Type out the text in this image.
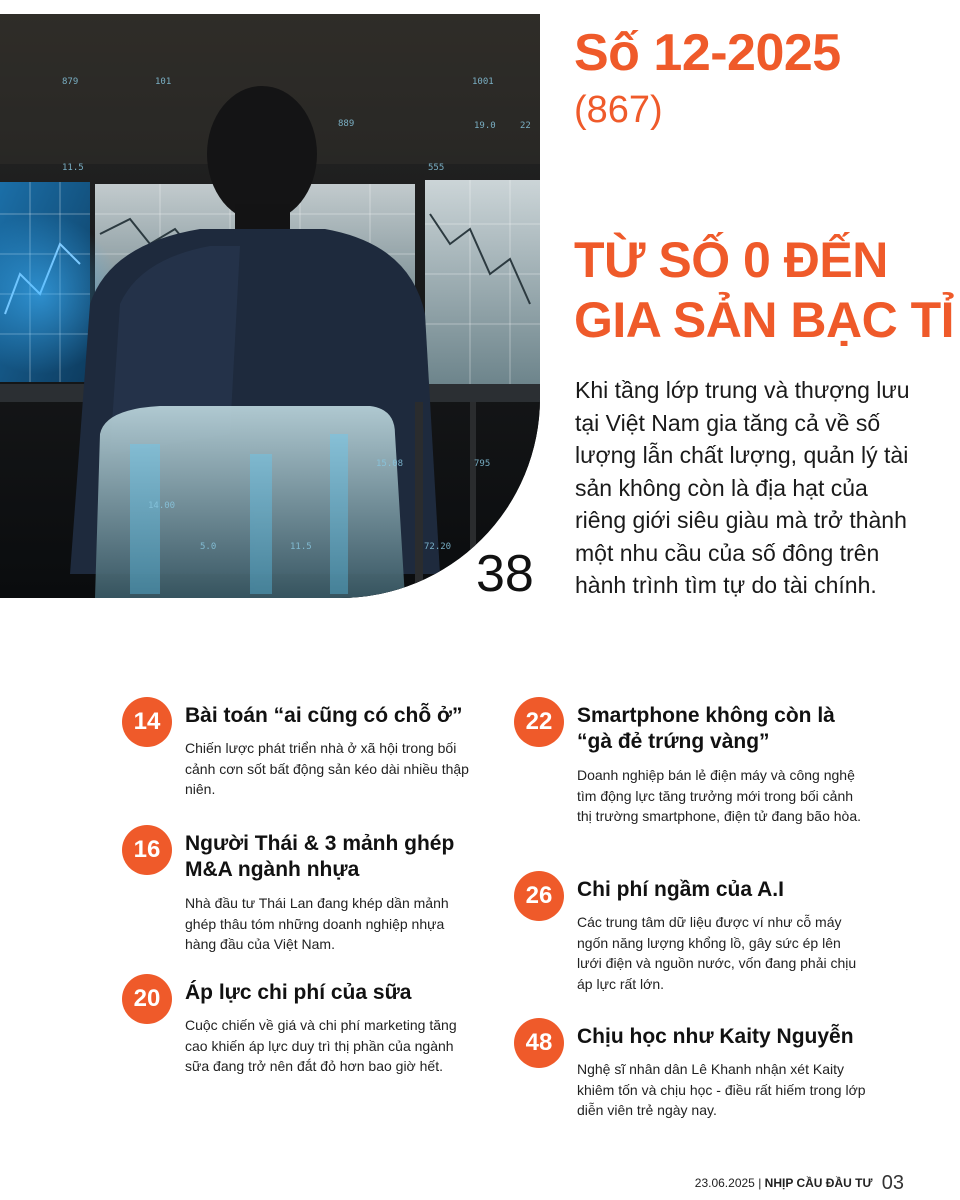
879	101	1001
889	19.0	22
11.5	555
14.00
5.0	11.5
15.08	795
72.20 38
Số 12-2025
(867)
TỪ SỐ 0 ĐẾN
GIA SẢN BẠC TỈ
Khi tầng lớp trung và thượng lưu tại Việt Nam gia tăng cả về số lượng lẫn chất lượng, quản lý tài sản không còn là địa hạt của riêng giới siêu giàu mà trở thành một nhu cầu của số đông trên hành trình tìm tự do tài chính.
14	Bài toán “ai cũng có chỗ ở”
Chiến lược phát triển nhà ở xã hội trong bối cảnh cơn sốt bất động sản kéo dài nhiều thập niên.
16	Người Thái & 3 mảnh ghép M&A ngành nhựa
Nhà đầu tư Thái Lan đang khép dần mảnh ghép thâu tóm những doanh nghiệp nhựa hàng đầu của Việt Nam.
20	Áp lực chi phí của sữa
Cuộc chiến về giá và chi phí marketing tăng cao khiến áp lực duy trì thị phần của ngành sữa đang trở nên đắt đỏ hơn bao giờ hết.
22	Smartphone không còn là “gà đẻ trứng vàng”
Doanh nghiệp bán lẻ điện máy và công nghệ tìm động lực tăng trưởng mới trong bối cảnh thị trường smartphone, điện tử đang bão hòa.
26	Chi phí ngầm của A.I
Các trung tâm dữ liệu được ví như cỗ máy ngốn năng lượng khổng lồ, gây sức ép lên lưới điện và nguồn nước, vốn đang phải chịu áp lực rất lớn.
48	Chịu học như Kaity Nguyễn
Nghệ sĩ nhân dân Lê Khanh nhận xét Kaity khiêm tốn và chịu học - điều rất hiếm trong lớp diễn viên trẻ ngày nay.
23.06.2025 | NHỊP CẦU ĐẦU TƯ 03
